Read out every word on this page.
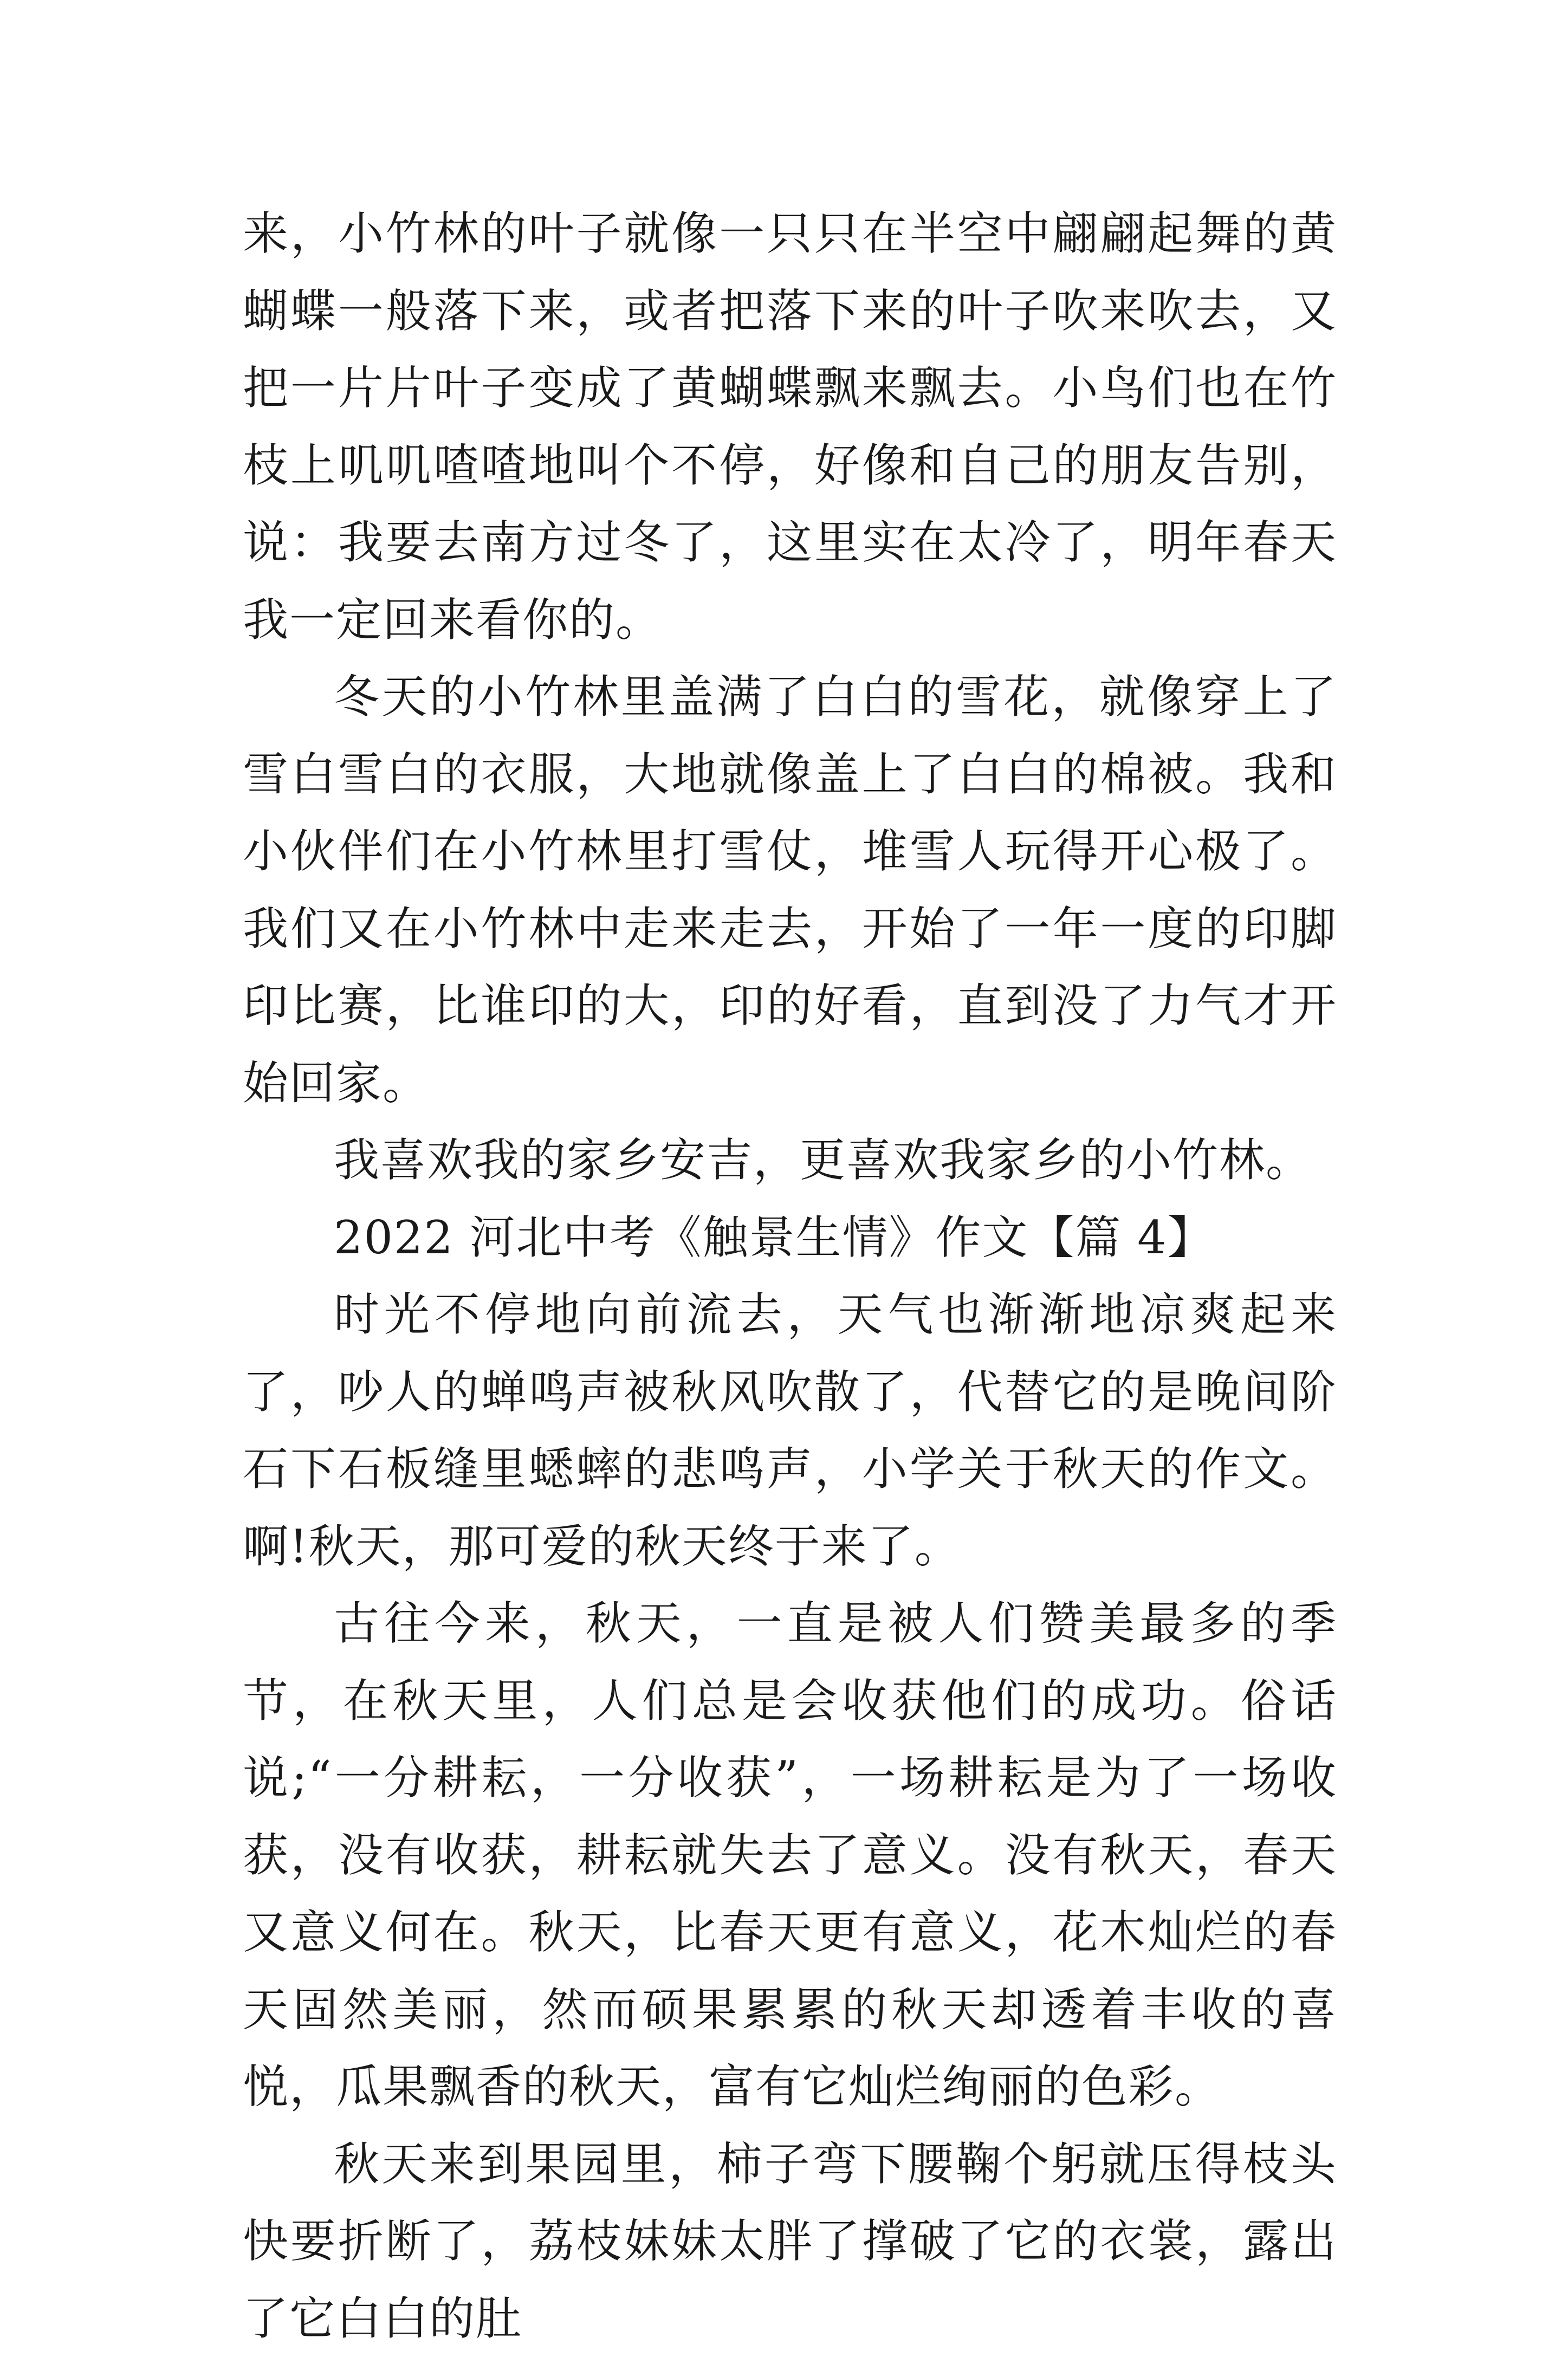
来，小竹林的叶子就像一只只在半空中翩翩起舞的黄蝴蝶一般落下来，或者把落下来的叶子吹来吹去，又把一片片叶子变成了黄蝴蝶飘来飘去。小鸟们也在竹枝上叽叽喳喳地叫个不停，好像和自己的朋友告别，说：我要去南方过冬了，这里实在太冷了，明年春天我一定回来看你的。

冬天的小竹林里盖满了白白的雪花，就像穿上了雪白雪白的衣服，大地就像盖上了白白的棉被。我和小伙伴们在小竹林里打雪仗，堆雪人玩得开心极了。我们又在小竹林中走来走去，开始了一年一度的印脚印比赛，比谁印的大，印的好看，直到没了力气才开始回家。

我喜欢我的家乡安吉，更喜欢我家乡的小竹林。

2022 河北中考《触景生情》作文【篇 4】

时光不停地向前流去，天气也渐渐地凉爽起来了，吵人的蝉鸣声被秋风吹散了，代替它的是晚间阶石下石板缝里蟋蟀的悲鸣声，小学关于秋天的作文。啊!秋天，那可爱的秋天终于来了。

古往今来，秋天，一直是被人们赞美最多的季节，在秋天里，人们总是会收获他们的成功。俗话说;“一分耕耘，一分收获”，一场耕耘是为了一场收获，没有收获，耕耘就失去了意义。没有秋天，春天又意义何在。秋天，比春天更有意义，花木灿烂的春天固然美丽，然而硕果累累的秋天却透着丰收的喜悦，瓜果飘香的秋天，富有它灿烂绚丽的色彩。

秋天来到果园里，柿子弯下腰鞠个躬就压得枝头快要折断了，荔枝妹妹太胖了撑破了它的衣裳，露出了它白白的肚
